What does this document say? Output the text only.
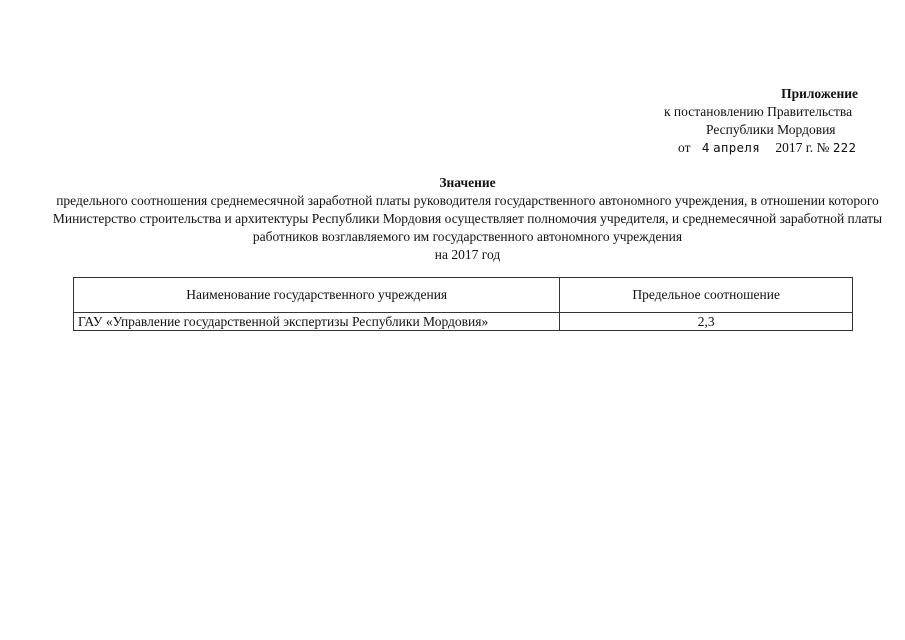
Приложение
к постановлению Правительства
Республики Мордовия
от 4 апреля 2017 г. № 222
Значение

предельного соотношения среднемесячной заработной платы руководителя государственного автономного учреждения, в отношении которого Министерство строительства и архитектуры Республики Мордовия осуществляет полномочия учредителя, и среднемесячной заработной платы работников возглавляемого им государственного автономного учреждения

на 2017 год
Наименование государственного учреждения	Предельное соотношение
ГАУ «Управление государственной экспертизы Республики Мордовия»	2,3
